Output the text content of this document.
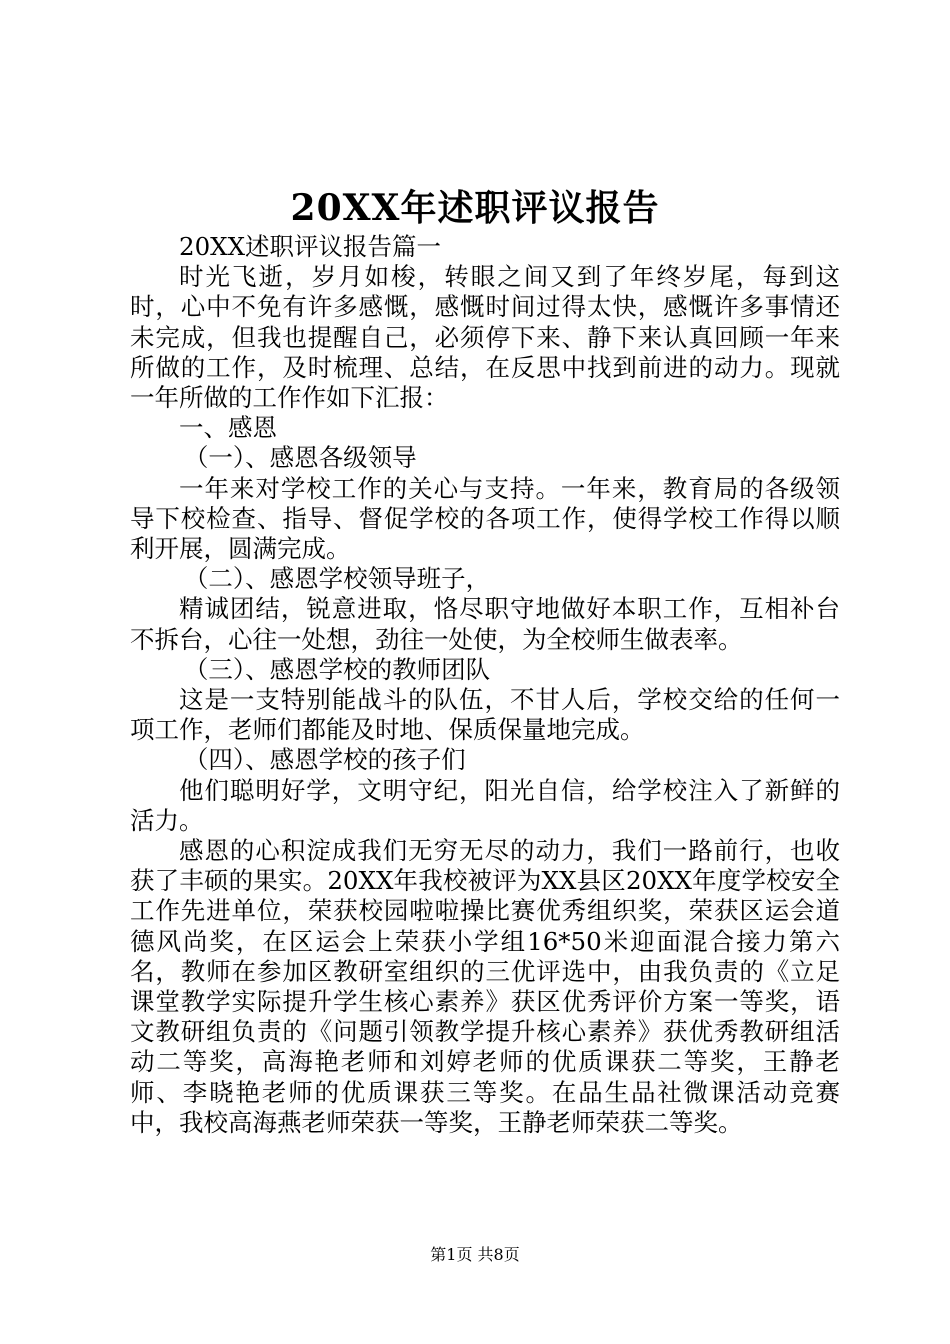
20XX年述职评议报告

20XX述职评议报告篇一

时光飞逝，岁月如梭，转眼之间又到了年终岁尾，每到这时，心中不免有许多感慨，感慨时间过得太快，感慨许多事情还未完成，但我也提醒自己，必须停下来、静下来认真回顾一年来所做的工作，及时梳理、总结，在反思中找到前进的动力。现就一年所做的工作作如下汇报：

一、感恩

（一）、感恩各级领导

一年来对学校工作的关心与支持。一年来，教育局的各级领导下校检查、指导、督促学校的各项工作，使得学校工作得以顺利开展，圆满完成。

（二）、感恩学校领导班子，

精诚团结，锐意进取，恪尽职守地做好本职工作，互相补台不拆台，心往一处想，劲往一处使，为全校师生做表率。

（三）、感恩学校的教师团队

这是一支特别能战斗的队伍，不甘人后，学校交给的任何一项工作，老师们都能及时地、保质保量地完成。

（四）、感恩学校的孩子们

他们聪明好学，文明守纪，阳光自信，给学校注入了新鲜的活力。

感恩的心积淀成我们无穷无尽的动力，我们一路前行，也收获了丰硕的果实。20XX年我校被评为XX县区20XX年度学校安全工作先进单位，荣获校园啦啦操比赛优秀组织奖，荣获区运会道德风尚奖，在区运会上荣获小学组16*50米迎面混合接力第六名，教师在参加区教研室组织的三优评选中，由我负责的《立足课堂教学实际提升学生核心素养》获区优秀评价方案一等奖，语文教研组负责的《问题引领教学提升核心素养》获优秀教研组活动二等奖，高海艳老师和刘婷老师的优质课获二等奖，王静老师、李晓艳老师的优质课获三等奖。在品生品社微课活动竞赛中，我校高海燕老师荣获一等奖，王静老师荣获二等奖。

第1页 共8页
